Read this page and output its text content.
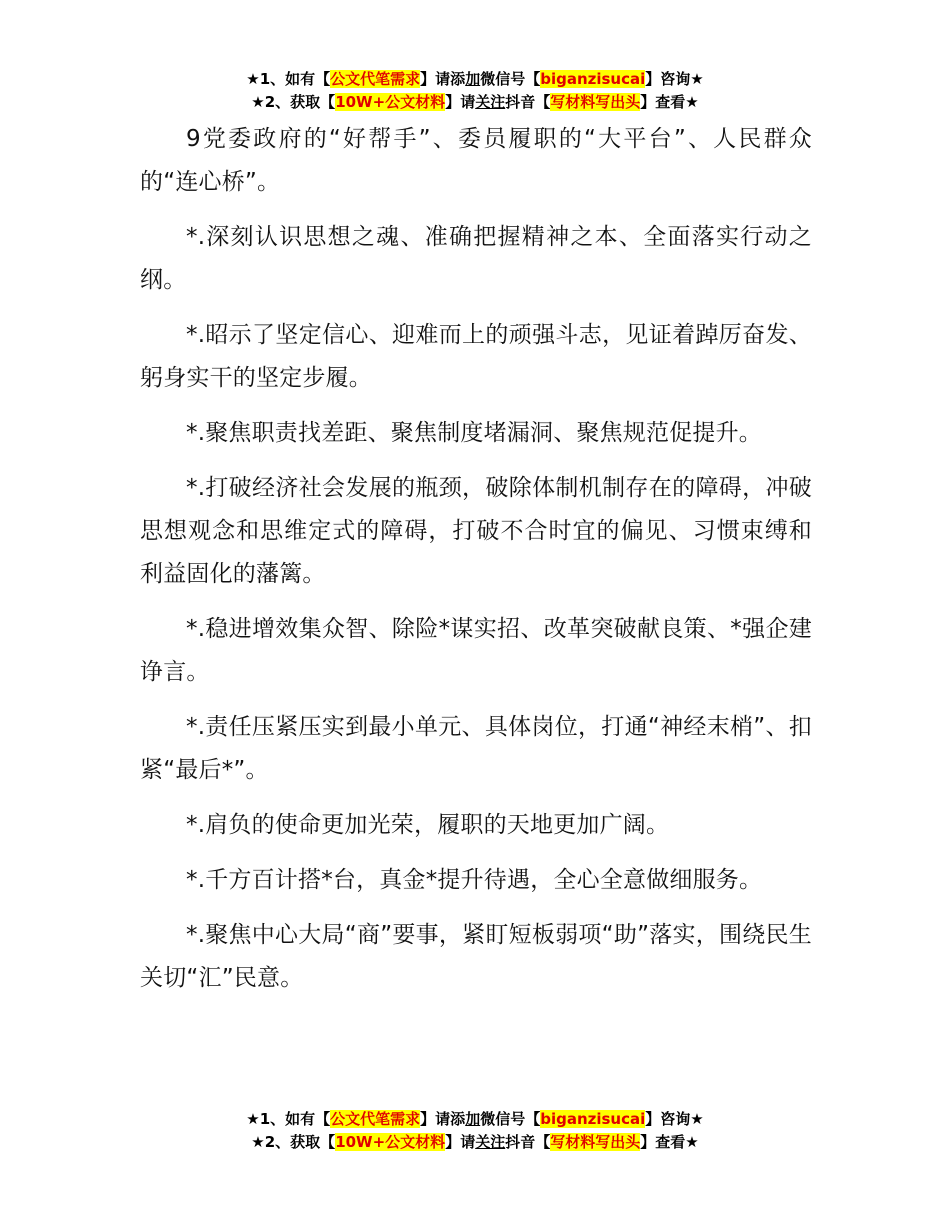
★1、如有【公文代笔需求】请添加微信号【biganzisucai】咨询★
★2、获取【10W+公文材料】请关注抖音【写材料写出头】查看★

9党委政府的“好帮手”、委员履职的“大平台”、人民群众的“连心桥”。

*.深刻认识思想之魂、准确把握精神之本、全面落实行动之纲。

*.昭示了坚定信心、迎难而上的顽强斗志，见证着踔厉奋发、躬身实干的坚定步履。

*.聚焦职责找差距、聚焦制度堵漏洞、聚焦规范促提升。

*.打破经济社会发展的瓶颈，破除体制机制存在的障碍，冲破思想观念和思维定式的障碍，打破不合时宜的偏见、习惯束缚和利益固化的藩篱。

*.稳进增效集众智、除险*谋实招、改革突破献良策、*强企建诤言。

*.责任压紧压实到最小单元、具体岗位，打通“神经末梢”、扣紧“最后*”。

*.肩负的使命更加光荣，履职的天地更加广阔。

*.千方百计搭*台，真金*提升待遇，全心全意做细服务。

*.聚焦中心大局“商”要事，紧盯短板弱项“助”落实，围绕民生关切“汇”民意。

★1、如有【公文代笔需求】请添加微信号【biganzisucai】咨询★
★2、获取【10W+公文材料】请关注抖音【写材料写出头】查看★
